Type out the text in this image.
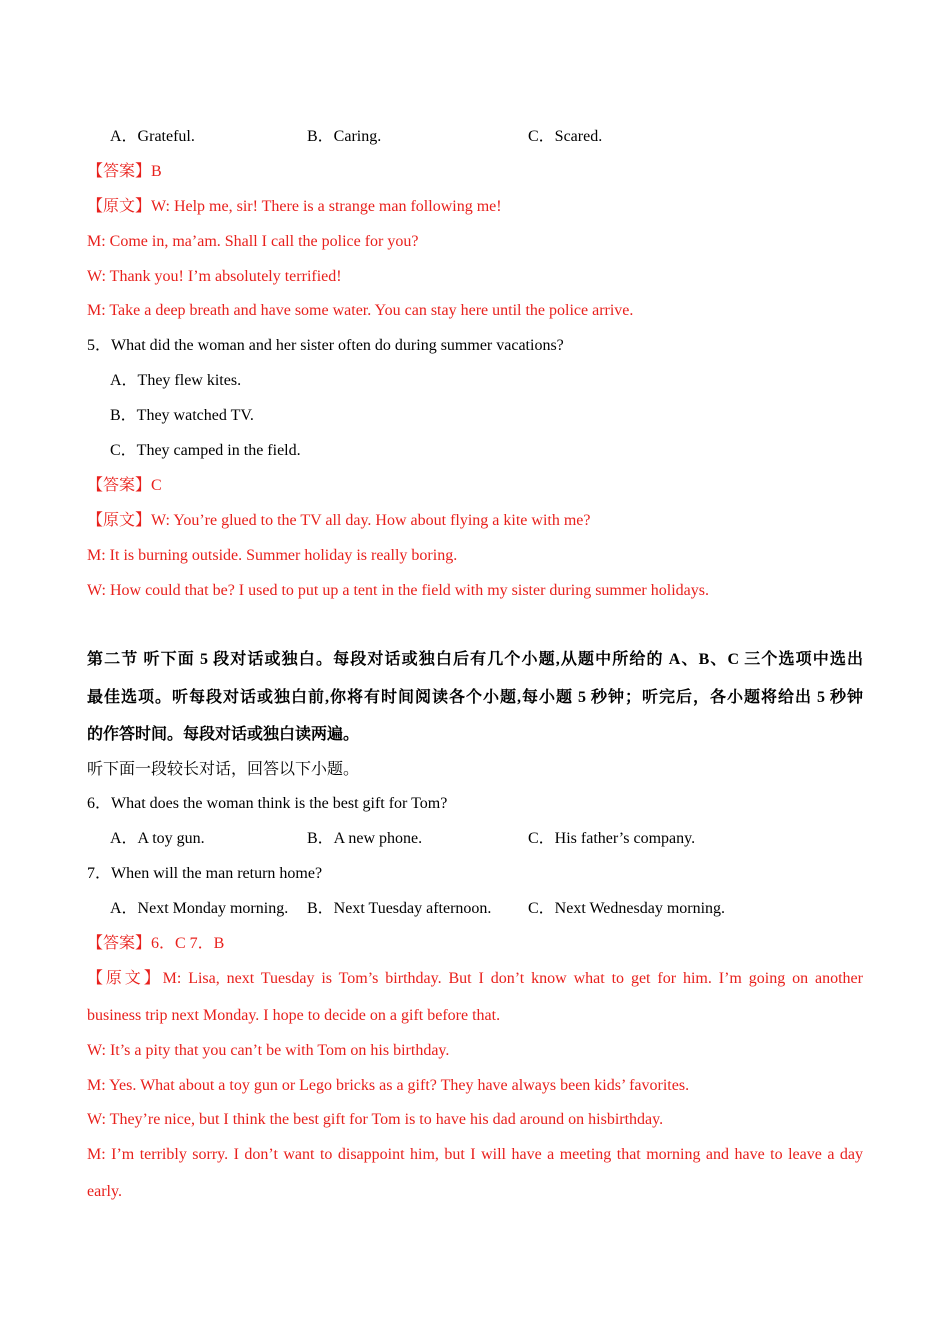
A．Grateful.	B．Caring.	C．Scared.
【答案】B
【原文】W: Help me, sir! There is a strange man following me!
M: Come in, ma’am. Shall I call the police for you?
W: Thank you! I’m absolutely terrified!
M: Take a deep breath and have some water. You can stay here until the police arrive.
5．What did the woman and her sister often do during summer vacations?
A．They flew kites.
B．They watched TV.
C．They camped in the field.
【答案】C
【原文】W: You’re glued to the TV all day. How about flying a kite with me?
M: It is burning outside. Summer holiday is really boring.
W: How could that be? I used to put up a tent in the field with my sister during summer holidays.
第二节 听下面 5 段对话或独白。每段对话或独白后有几个小题,从题中所给的 A、B、C 三个选项中选出
最佳选项。听每段对话或独白前,你将有时间阅读各个小题,每小题 5 秒钟；听完后，各小题将给出 5 秒钟
的作答时间。每段对话或独白读两遍。
听下面一段较长对话，回答以下小题。
6．What does the woman think is the best gift for Tom?
A．A toy gun.	B．A new phone.	C．His father’s company.
7．When will the man return home?
A．Next Monday morning. B．Next Tuesday afternoon. C．Next Wednesday morning.
【答案】6．C 7．B
【原文】M: Lisa, next Tuesday is Tom’s birthday. But I don’t know what to get for him. I’m going on another
business trip next Monday. I hope to decide on a gift before that.
W: It’s a pity that you can’t be with Tom on his birthday.
M: Yes. What about a toy gun or Lego bricks as a gift? They have always been kids’ favorites.
W: They’re nice, but I think the best gift for Tom is to have his dad around on hisbirthday.
M: I’m terribly sorry. I don’t want to disappoint him, but I will have a meeting that morning and have to leave a day
early.
